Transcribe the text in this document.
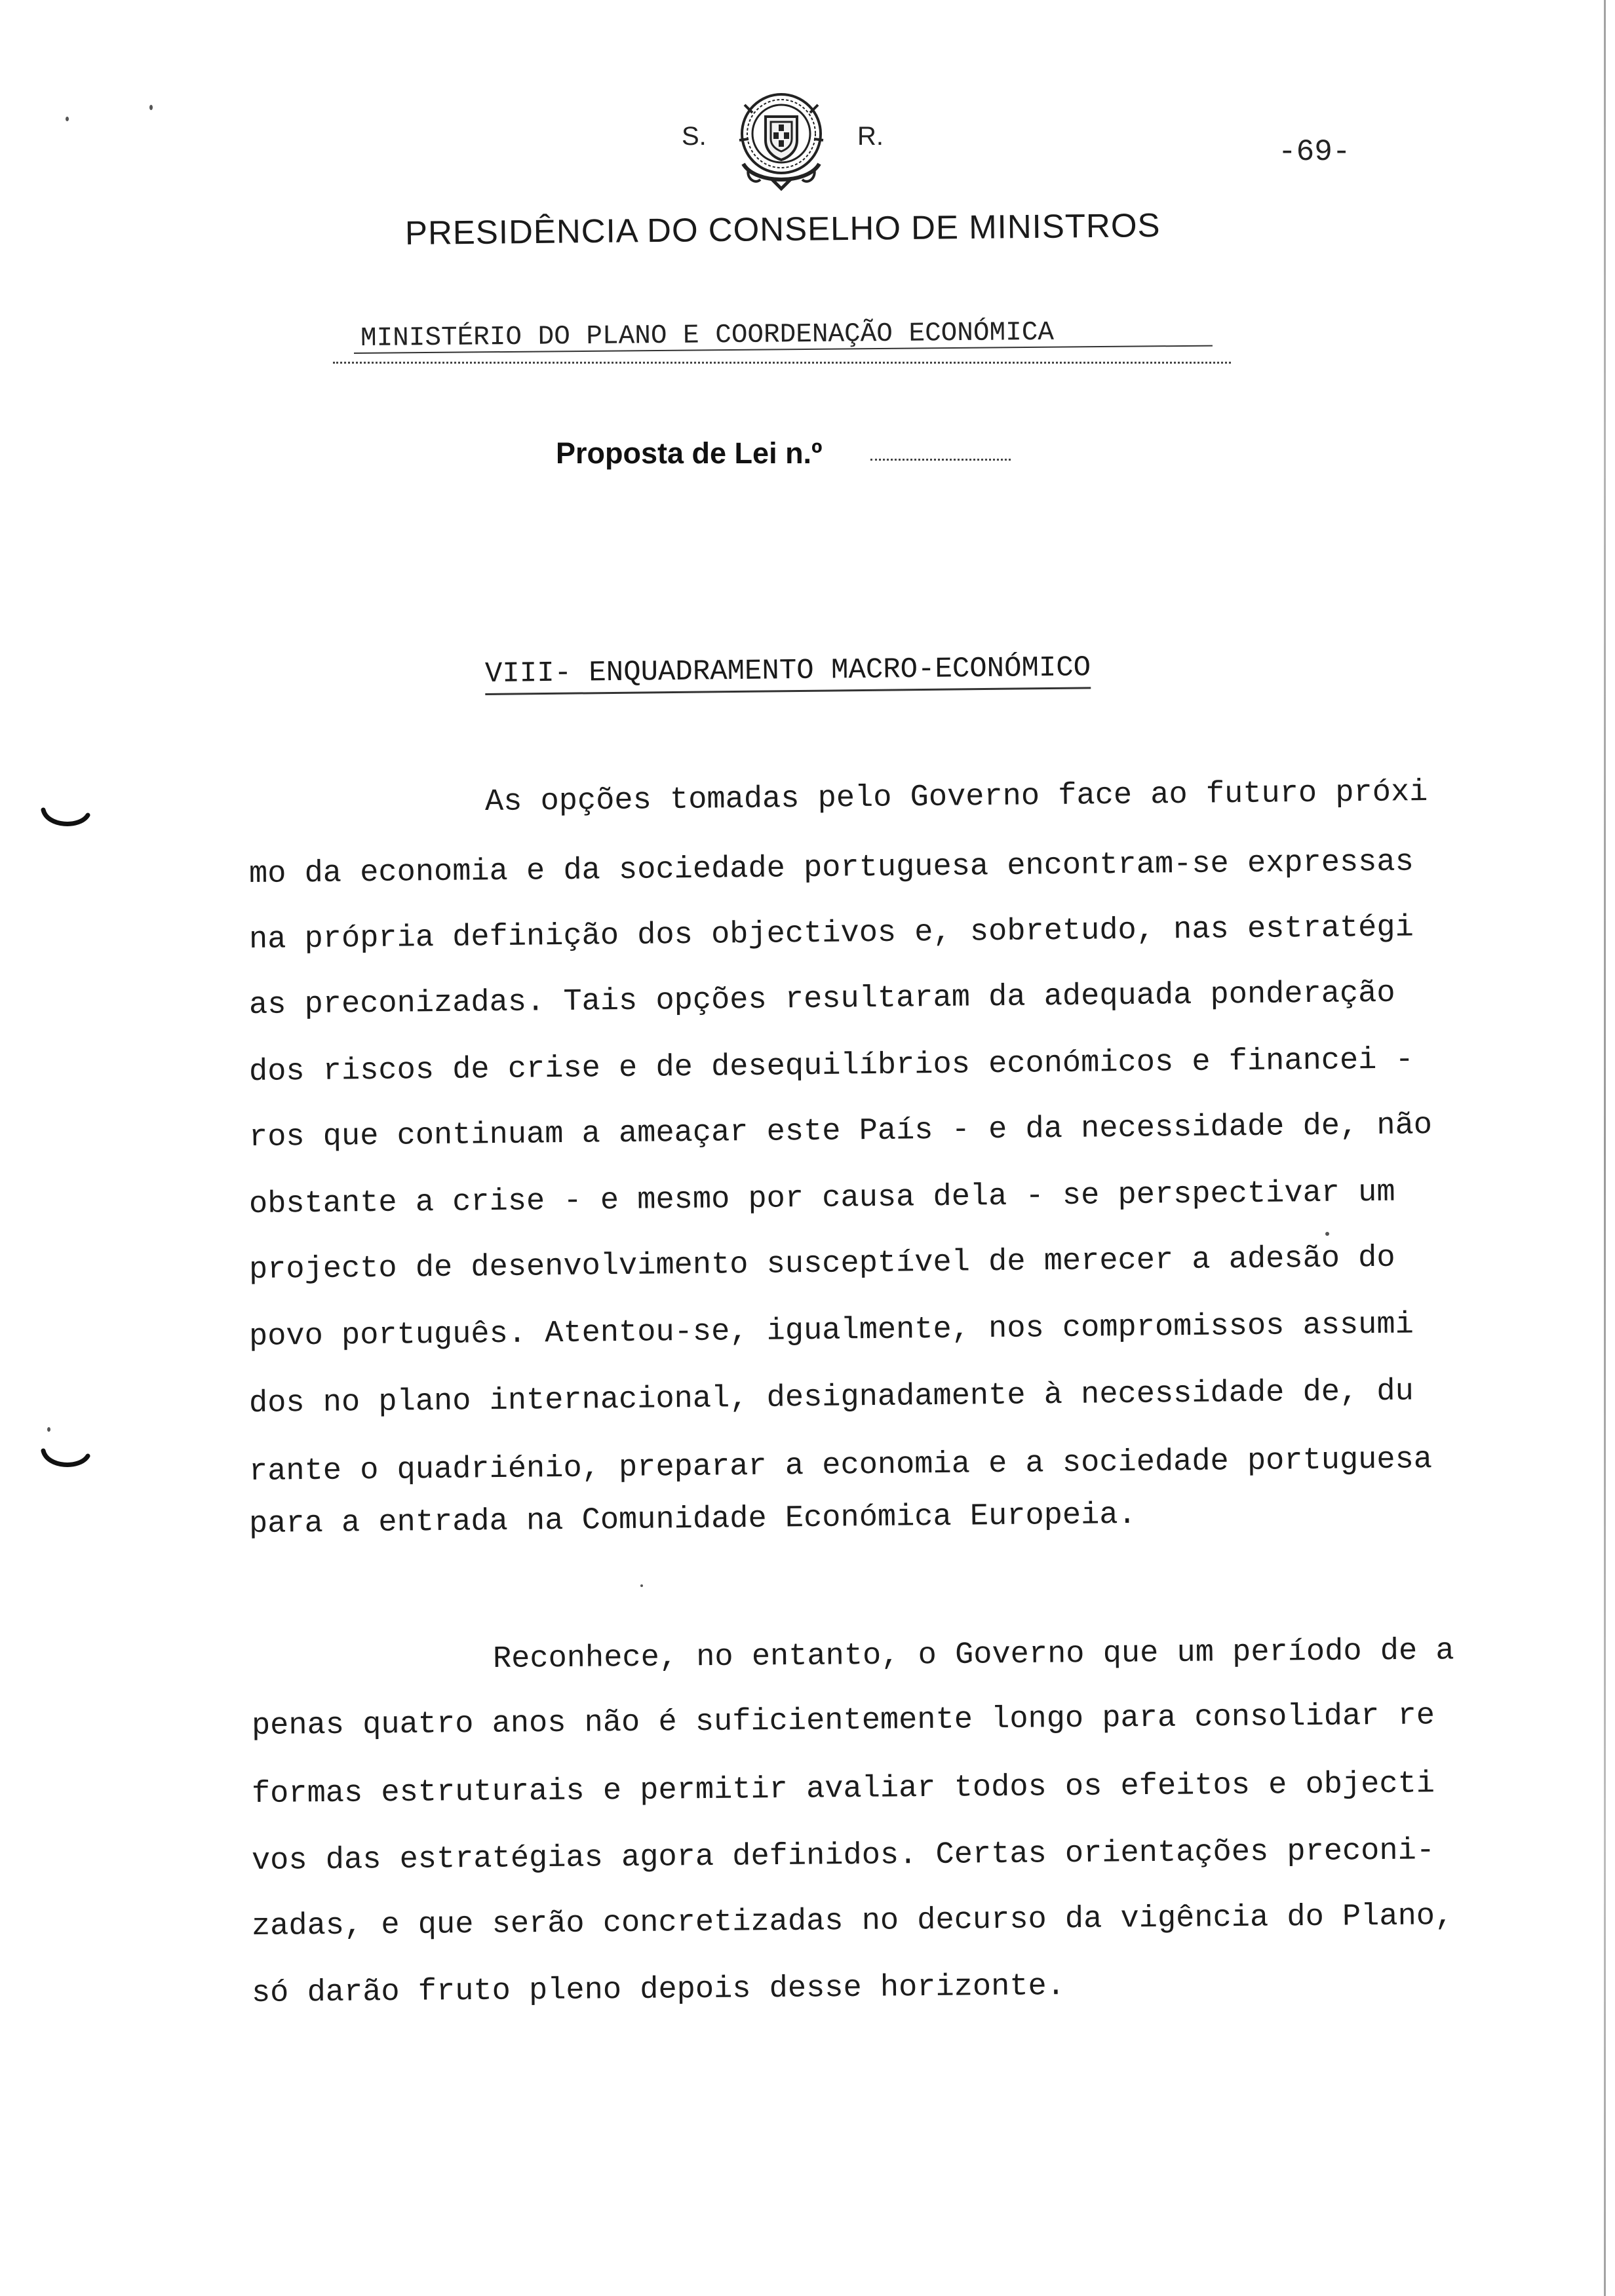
S.	R.	-69-
PRESIDÊNCIA DO CONSELHO DE MINISTROS
MINISTÉRIO DO PLANO E COORDENAÇÃO ECONÓMICA
Proposta de Lei n.º
VIII- ENQUADRAMENTO MACRO-ECONÓMICO
As opções tomadas pelo Governo face ao futuro próxi
mo da economia e da sociedade portuguesa encontram-se expressas
na própria definição dos objectivos e, sobretudo, nas estratégi
as preconizadas. Tais opções resultaram da adequada ponderação
dos riscos de crise e de desequilíbrios económicos e financei -
ros que continuam a ameaçar este País - e da necessidade de, não
obstante a crise - e mesmo por causa dela - se perspectivar um
projecto de desenvolvimento susceptível de merecer a adesão do
povo português. Atentou-se, igualmente, nos compromissos assumi
dos no plano internacional, designadamente à necessidade de, du
rante o quadriénio, preparar a economia e a sociedade portuguesa
para a entrada na Comunidade Económica Europeia.
Reconhece, no entanto, o Governo que um período de a
penas quatro anos não é suficientemente longo para consolidar re
formas estruturais e permitir avaliar todos os efeitos e objecti
vos das estratégias agora definidos. Certas orientações preconi-
zadas, e que serão concretizadas no decurso da vigência do Plano,
só darão fruto pleno depois desse horizonte.
